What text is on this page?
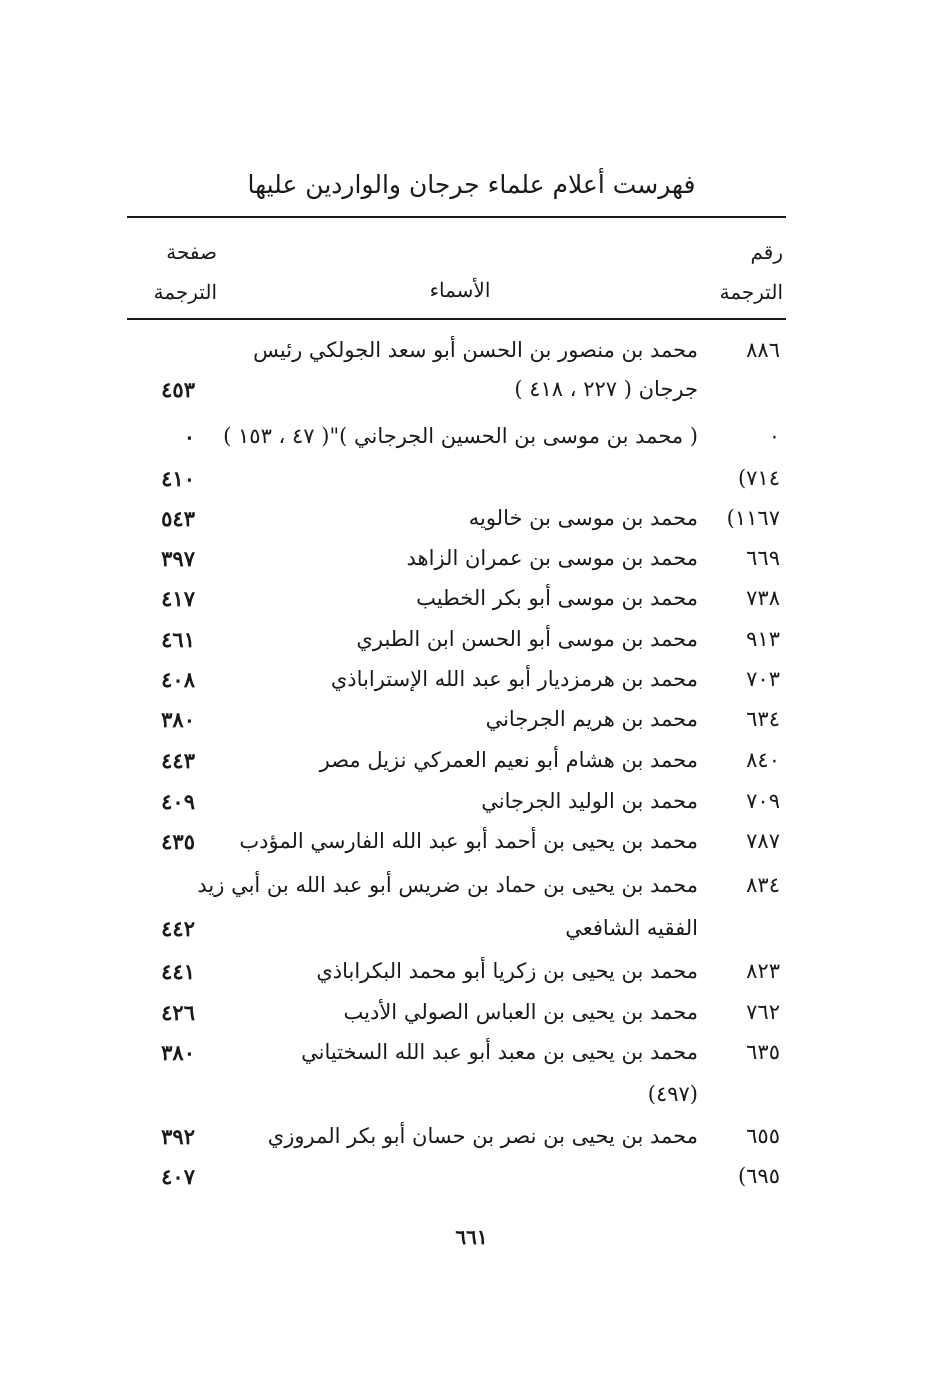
فهرست أعلام علماء جرجان والواردين عليها
رقم
الترجمة
الأسماء
صفحة
الترجمة
٨٨٦
محمد بن منصور بن الحسن أبو سعد الجولكي رئيس
جرجان ( ٢٢٧ ، ٤١٨ )
٤٥٣
٠
( محمد بن موسى بن الحسين الجرجاني )"( ٤٧ ، ١٥٣ )
٠
٧١٤)
٤١٠
١١٦٧)
محمد بن موسى بن خالويه
٥٤٣
٦٦٩
محمد بن موسى بن عمران الزاهد
٣٩٧
٧٣٨
محمد بن موسى أبو بكر الخطيب
٤١٧
٩١٣
محمد بن موسى أبو الحسن ابن الطبري
٤٦١
٧٠٣
محمد بن هرمزديار أبو عبد الله الإستراباذي
٤٠٨
٦٣٤
محمد بن هريم الجرجاني
٣٨٠
٨٤٠
محمد بن هشام أبو نعيم العمركي نزيل مصر
٤٤٣
٧٠٩
محمد بن الوليد الجرجاني
٤٠٩
٧٨٧
محمد بن يحيى بن أحمد أبو عبد الله الفارسي المؤدب
٤٣٥
٨٣٤
محمد بن يحيى بن حماد بن ضريس أبو عبد الله بن أبي زيد
الفقيه الشافعي
٤٤٢
٨٢٣
محمد بن يحيى بن زكريا أبو محمد البكراباذي
٤٤١
٧٦٢
محمد بن يحيى بن العباس الصولي الأديب
٤٢٦
٦٣٥
محمد بن يحيى بن معبد أبو عبد الله السختياني
٣٨٠
(٤٩٧)
٦٥٥
محمد بن يحيى بن نصر بن حسان أبو بكر المروزي
٣٩٢
٦٩٥)
٤٠٧
٦٦١
